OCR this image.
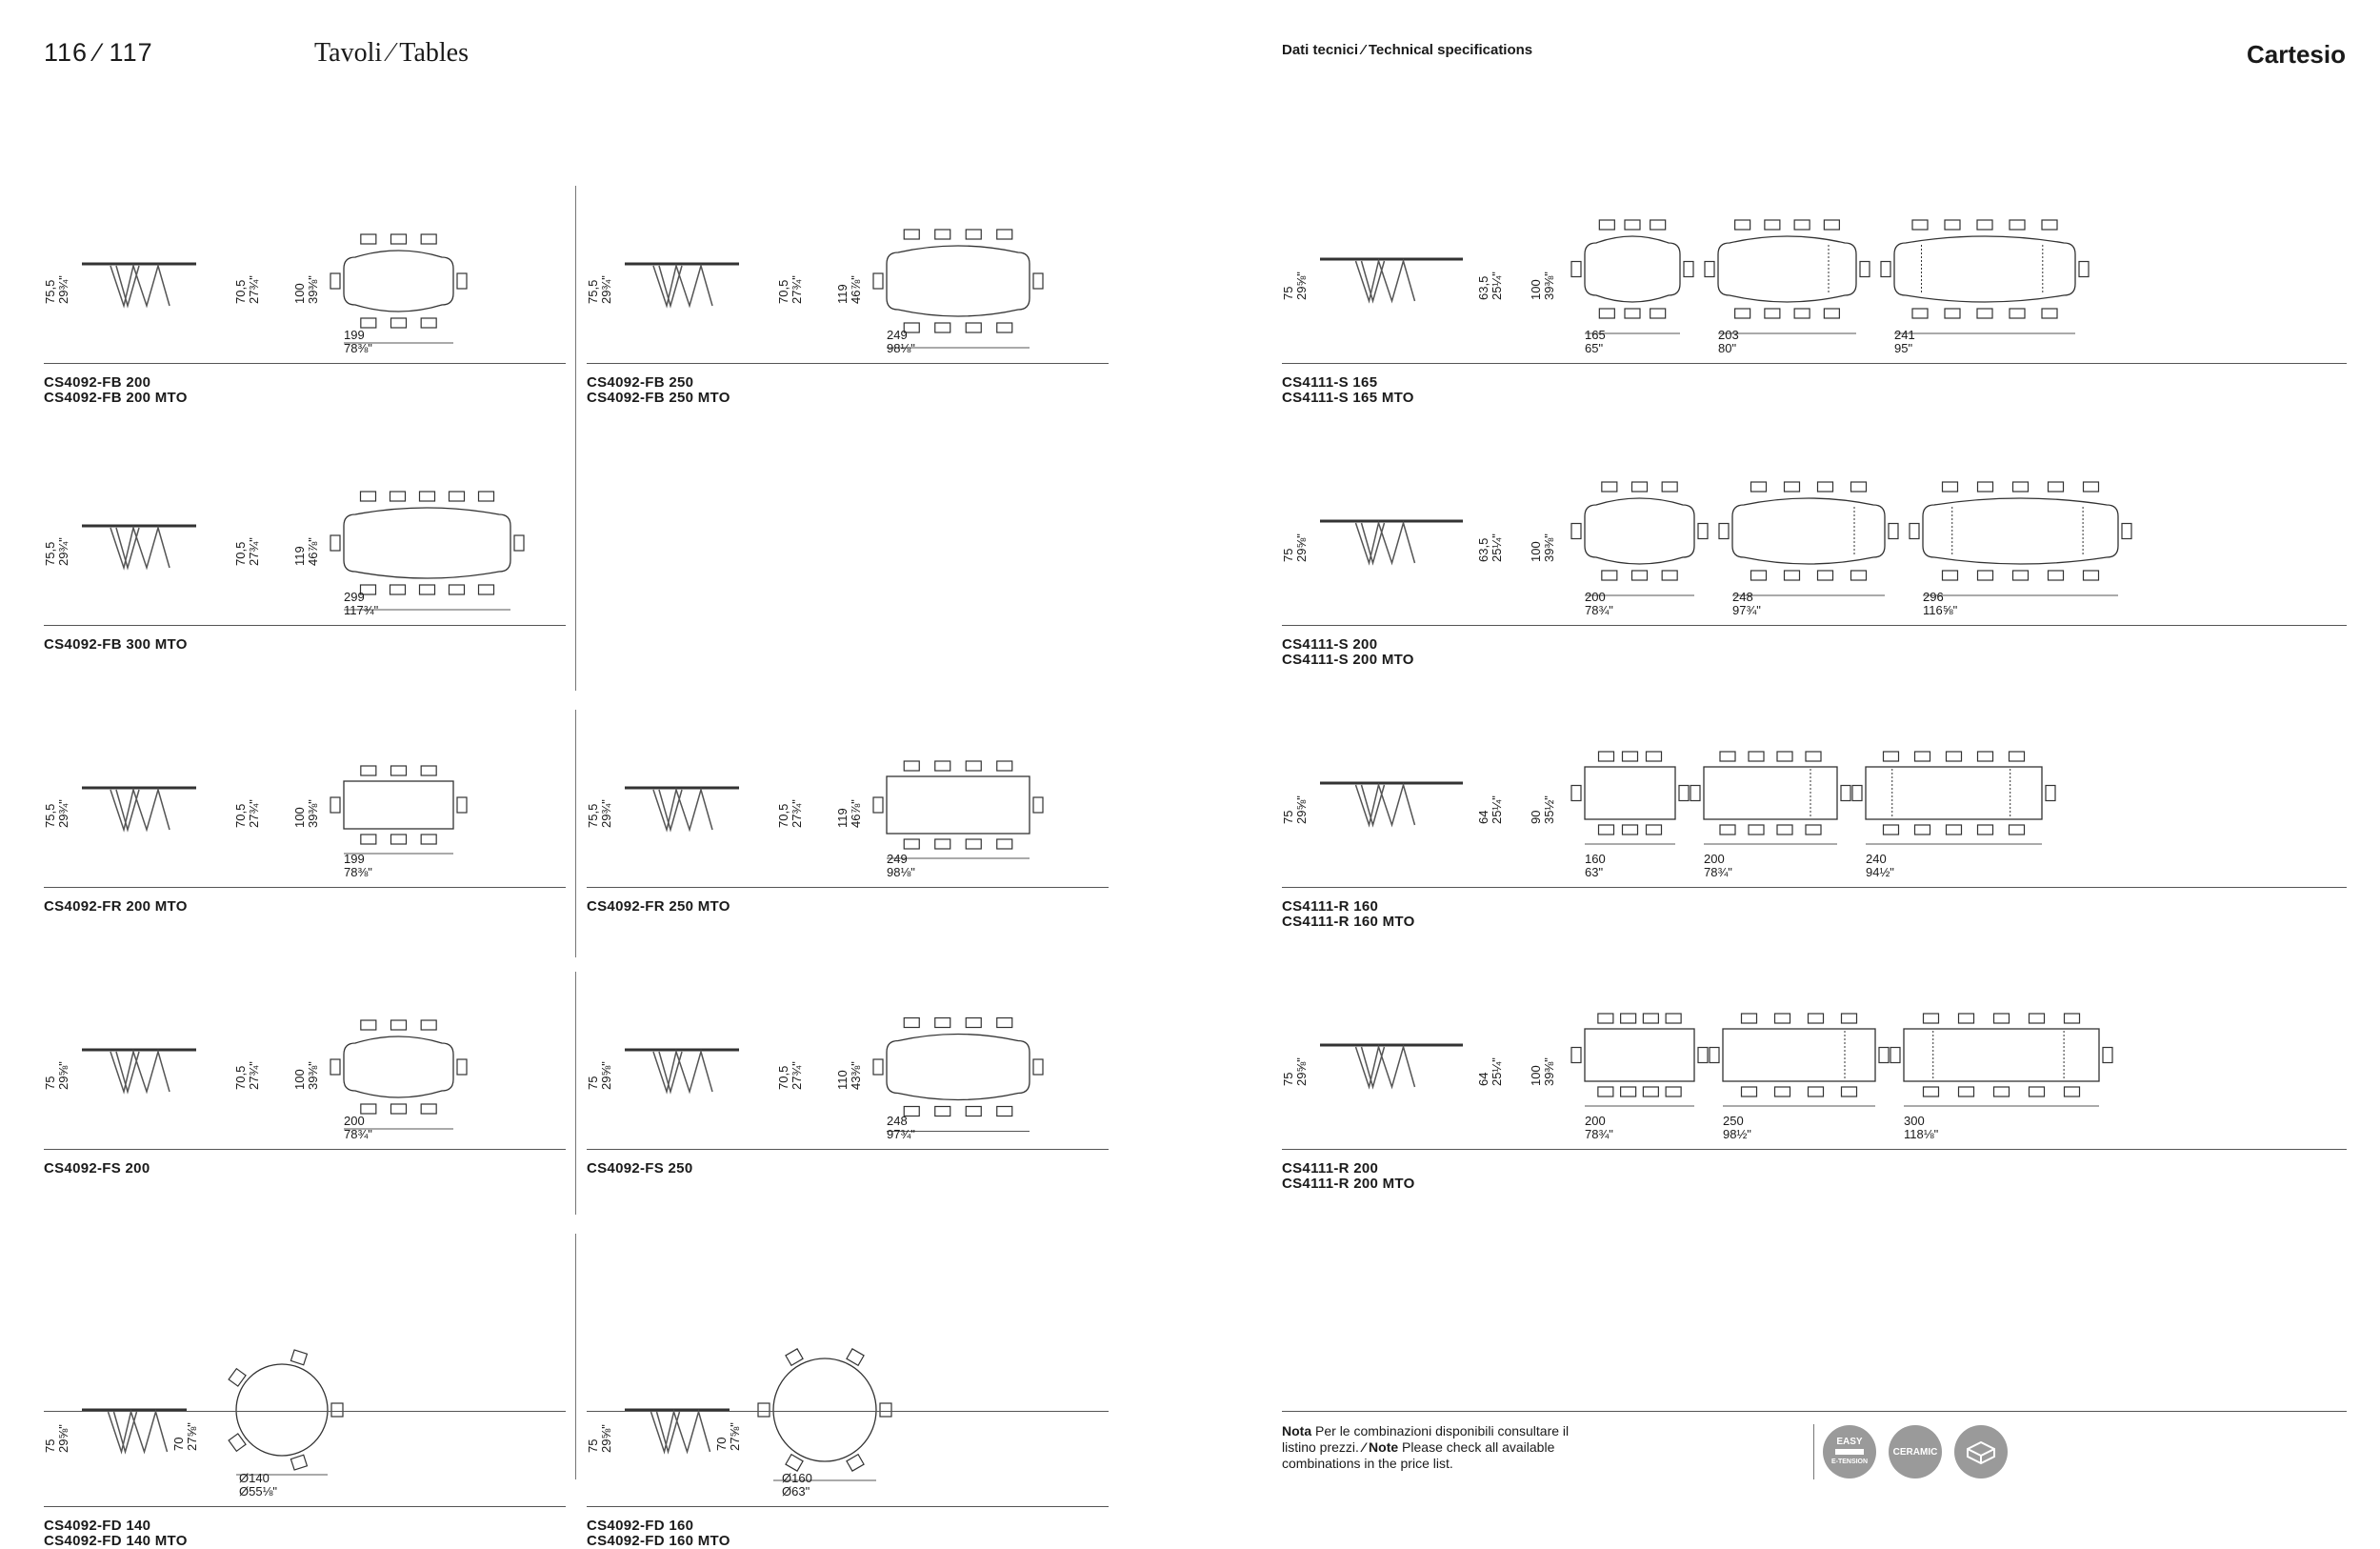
116 ⁄ 117	Tavoli ⁄ Tables	Dati tecnici ⁄ Technical specifications	Cartesio
75,5 29¾"	70,5 27¾"	100 39⅜"
199
78⅜"
CS4092-FB 200
CS4092-FB 200 MTO
75,5 29¾"	70,5 27¾"	119 46⅞"
249
98⅛"
CS4092-FB 250
CS4092-FB 250 MTO
75,5 29¾"	70,5 27¾"	119 46⅞"
299
117¾"
CS4092-FB 300 MTO
75,5 29¾"	70,5 27¾"	100 39⅜"
199
78⅜"
CS4092-FR 200 MTO
75,5 29¾"	70,5 27¾"	119 46⅞"
249
98⅛"
CS4092-FR 250 MTO
75 29⅝"	70,5 27¾"	100 39⅜"
200
78¾"
CS4092-FS 200
75 29⅝"	70,5 27¾"	110 43⅜"
248
97¾"
CS4092-FS 250
75 29⅝"	70 27⅝"
Ø140
Ø55⅛"
CS4092-FD 140
CS4092-FD 140 MTO
75 29⅝"	70 27⅝"
Ø160
Ø63"
CS4092-FD 160
CS4092-FD 160 MTO
75 29⅝"	63,5 25¼" 100 39⅜"
165
65"
203
80"
241
95"
CS4111-S 165
CS4111-S 165 MTO
75 29⅝"	63,5 25¼" 100 39⅜"
200
78¾"
248
97¾"
296
116⅝"
CS4111-S 200
CS4111-S 200 MTO
75 29⅝"	64 25¼" 90 35½"
160
63"
200
78¾"
240
94½"
CS4111-R 160
CS4111-R 160 MTO
75 29⅝"	64 25¼" 100 39⅜"
200
78¾"
250
98½"
300
118⅛"
CS4111-R 200
CS4111-R 200 MTO
Nota Per le combinazioni disponibili consultare il listino prezzi. ⁄ Note Please check all available combinations in the price list.
EASY
E-TENSION
CERAMIC
